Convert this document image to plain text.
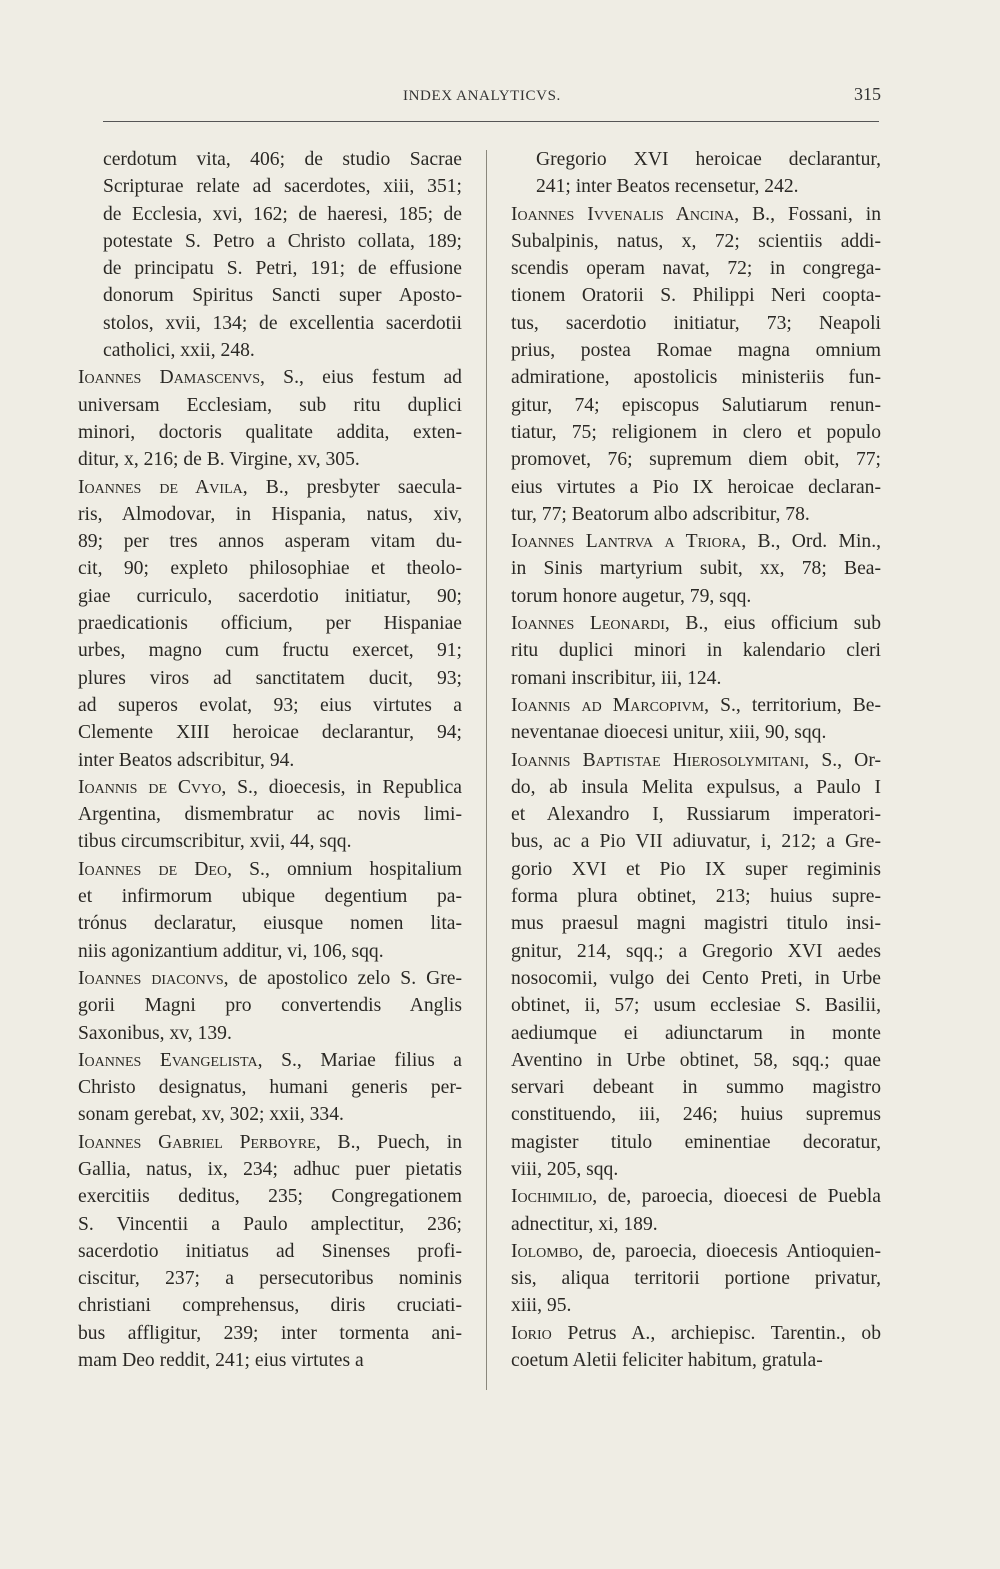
INDEX ANALYTICVS.	315
cerdotum vita, 406; de studio Sacrae
Scripturae relate ad sacerdotes, xiii, 351;
de Ecclesia, xvi, 162; de haeresi, 185; de
potestate S. Petro a Christo collata, 189;
de principatu S. Petri, 191; de effusione
donorum Spiritus Sancti super Aposto-
stolos, xvii, 134; de excellentia sacerdotii
catholici, xxii, 248.
Ioannes Damascenvs, S., eius festum ad
universam Ecclesiam, sub ritu duplici
minori, doctoris qualitate addita, exten-
ditur, x, 216; de B. Virgine, xv, 305.
Ioannes de Avila, B., presbyter saecula-
ris, Almodovar, in Hispania, natus, xiv,
89; per tres annos asperam vitam du-
cit, 90; expleto philosophiae et theolo-
giae curriculo, sacerdotio initiatur, 90;
praedicationis officium, per Hispaniae
urbes, magno cum fructu exercet, 91;
plures viros ad sanctitatem ducit, 93;
ad superos evolat, 93; eius virtutes a
Clemente XIII heroicae declarantur, 94;
inter Beatos adscribitur, 94.
Ioannis de Cvyo, S., dioecesis, in Republica
Argentina, dismembratur ac novis limi-
tibus circumscribitur, xvii, 44, sqq.
Ioannes de Deo, S., omnium hospitalium
et infirmorum ubique degentium pa-
trónus declaratur, eiusque nomen lita-
niis agonizantium additur, vi, 106, sqq.
Ioannes diaconvs, de apostolico zelo S. Gre-
gorii Magni pro convertendis Anglis
Saxonibus, xv, 139.
Ioannes Evangelista, S., Mariae filius a
Christo designatus, humani generis per-
sonam gerebat, xv, 302; xxii, 334.
Ioannes Gabriel Perboyre, B., Puech, in
Gallia, natus, ix, 234; adhuc puer pietatis
exercitiis deditus, 235; Congregationem
S. Vincentii a Paulo amplectitur, 236;
sacerdotio initiatus ad Sinenses profi-
ciscitur, 237; a persecutoribus nominis
christiani comprehensus, diris cruciati-
bus affligitur, 239; inter tormenta ani-
mam Deo reddit, 241; eius virtutes a
Gregorio XVI heroicae declarantur,
241; inter Beatos recensetur, 242.
Ioannes Ivvenalis Ancina, B., Fossani, in
Subalpinis, natus, x, 72; scientiis addi-
scendis operam navat, 72; in congrega-
tionem Oratorii S. Philippi Neri coopta-
tus, sacerdotio initiatur, 73; Neapoli
prius, postea Romae magna omnium
admiratione, apostolicis ministeriis fun-
gitur, 74; episcopus Salutiarum renun-
tiatur, 75; religionem in clero et populo
promovet, 76; supremum diem obit, 77;
eius virtutes a Pio IX heroicae declaran-
tur, 77; Beatorum albo adscribitur, 78.
Ioannes Lantrva a Triora, B., Ord. Min.,
in Sinis martyrium subit, xx, 78; Bea-
torum honore augetur, 79, sqq.
Ioannes Leonardi, B., eius officium sub
ritu duplici minori in kalendario cleri
romani inscribitur, iii, 124.
Ioannis ad Marcopivm, S., territorium, Be-
neventanae dioecesi unitur, xiii, 90, sqq.
Ioannis Baptistae Hierosolymitani, S., Or-
do, ab insula Melita expulsus, a Paulo I
et Alexandro I, Russiarum imperatori-
bus, ac a Pio VII adiuvatur, i, 212; a Gre-
gorio XVI et Pio IX super regiminis
forma plura obtinet, 213; huius supre-
mus praesul magni magistri titulo insi-
gnitur, 214, sqq.; a Gregorio XVI aedes
nosocomii, vulgo dei Cento Preti, in Urbe
obtinet, ii, 57; usum ecclesiae S. Basilii,
aediumque ei adiunctarum in monte
Aventino in Urbe obtinet, 58, sqq.; quae
servari debeant in summo magistro
constituendo, iii, 246; huius supremus
magister titulo eminentiae decoratur,
viii, 205, sqq.
Iochimilio, de, paroecia, dioecesi de Puebla
adnectitur, xi, 189.
Iolombo, de, paroecia, dioecesis Antioquien-
sis, aliqua territorii portione privatur,
xiii, 95.
Iorio Petrus A., archiepisc. Tarentin., ob
coetum Aletii feliciter habitum, gratula-
